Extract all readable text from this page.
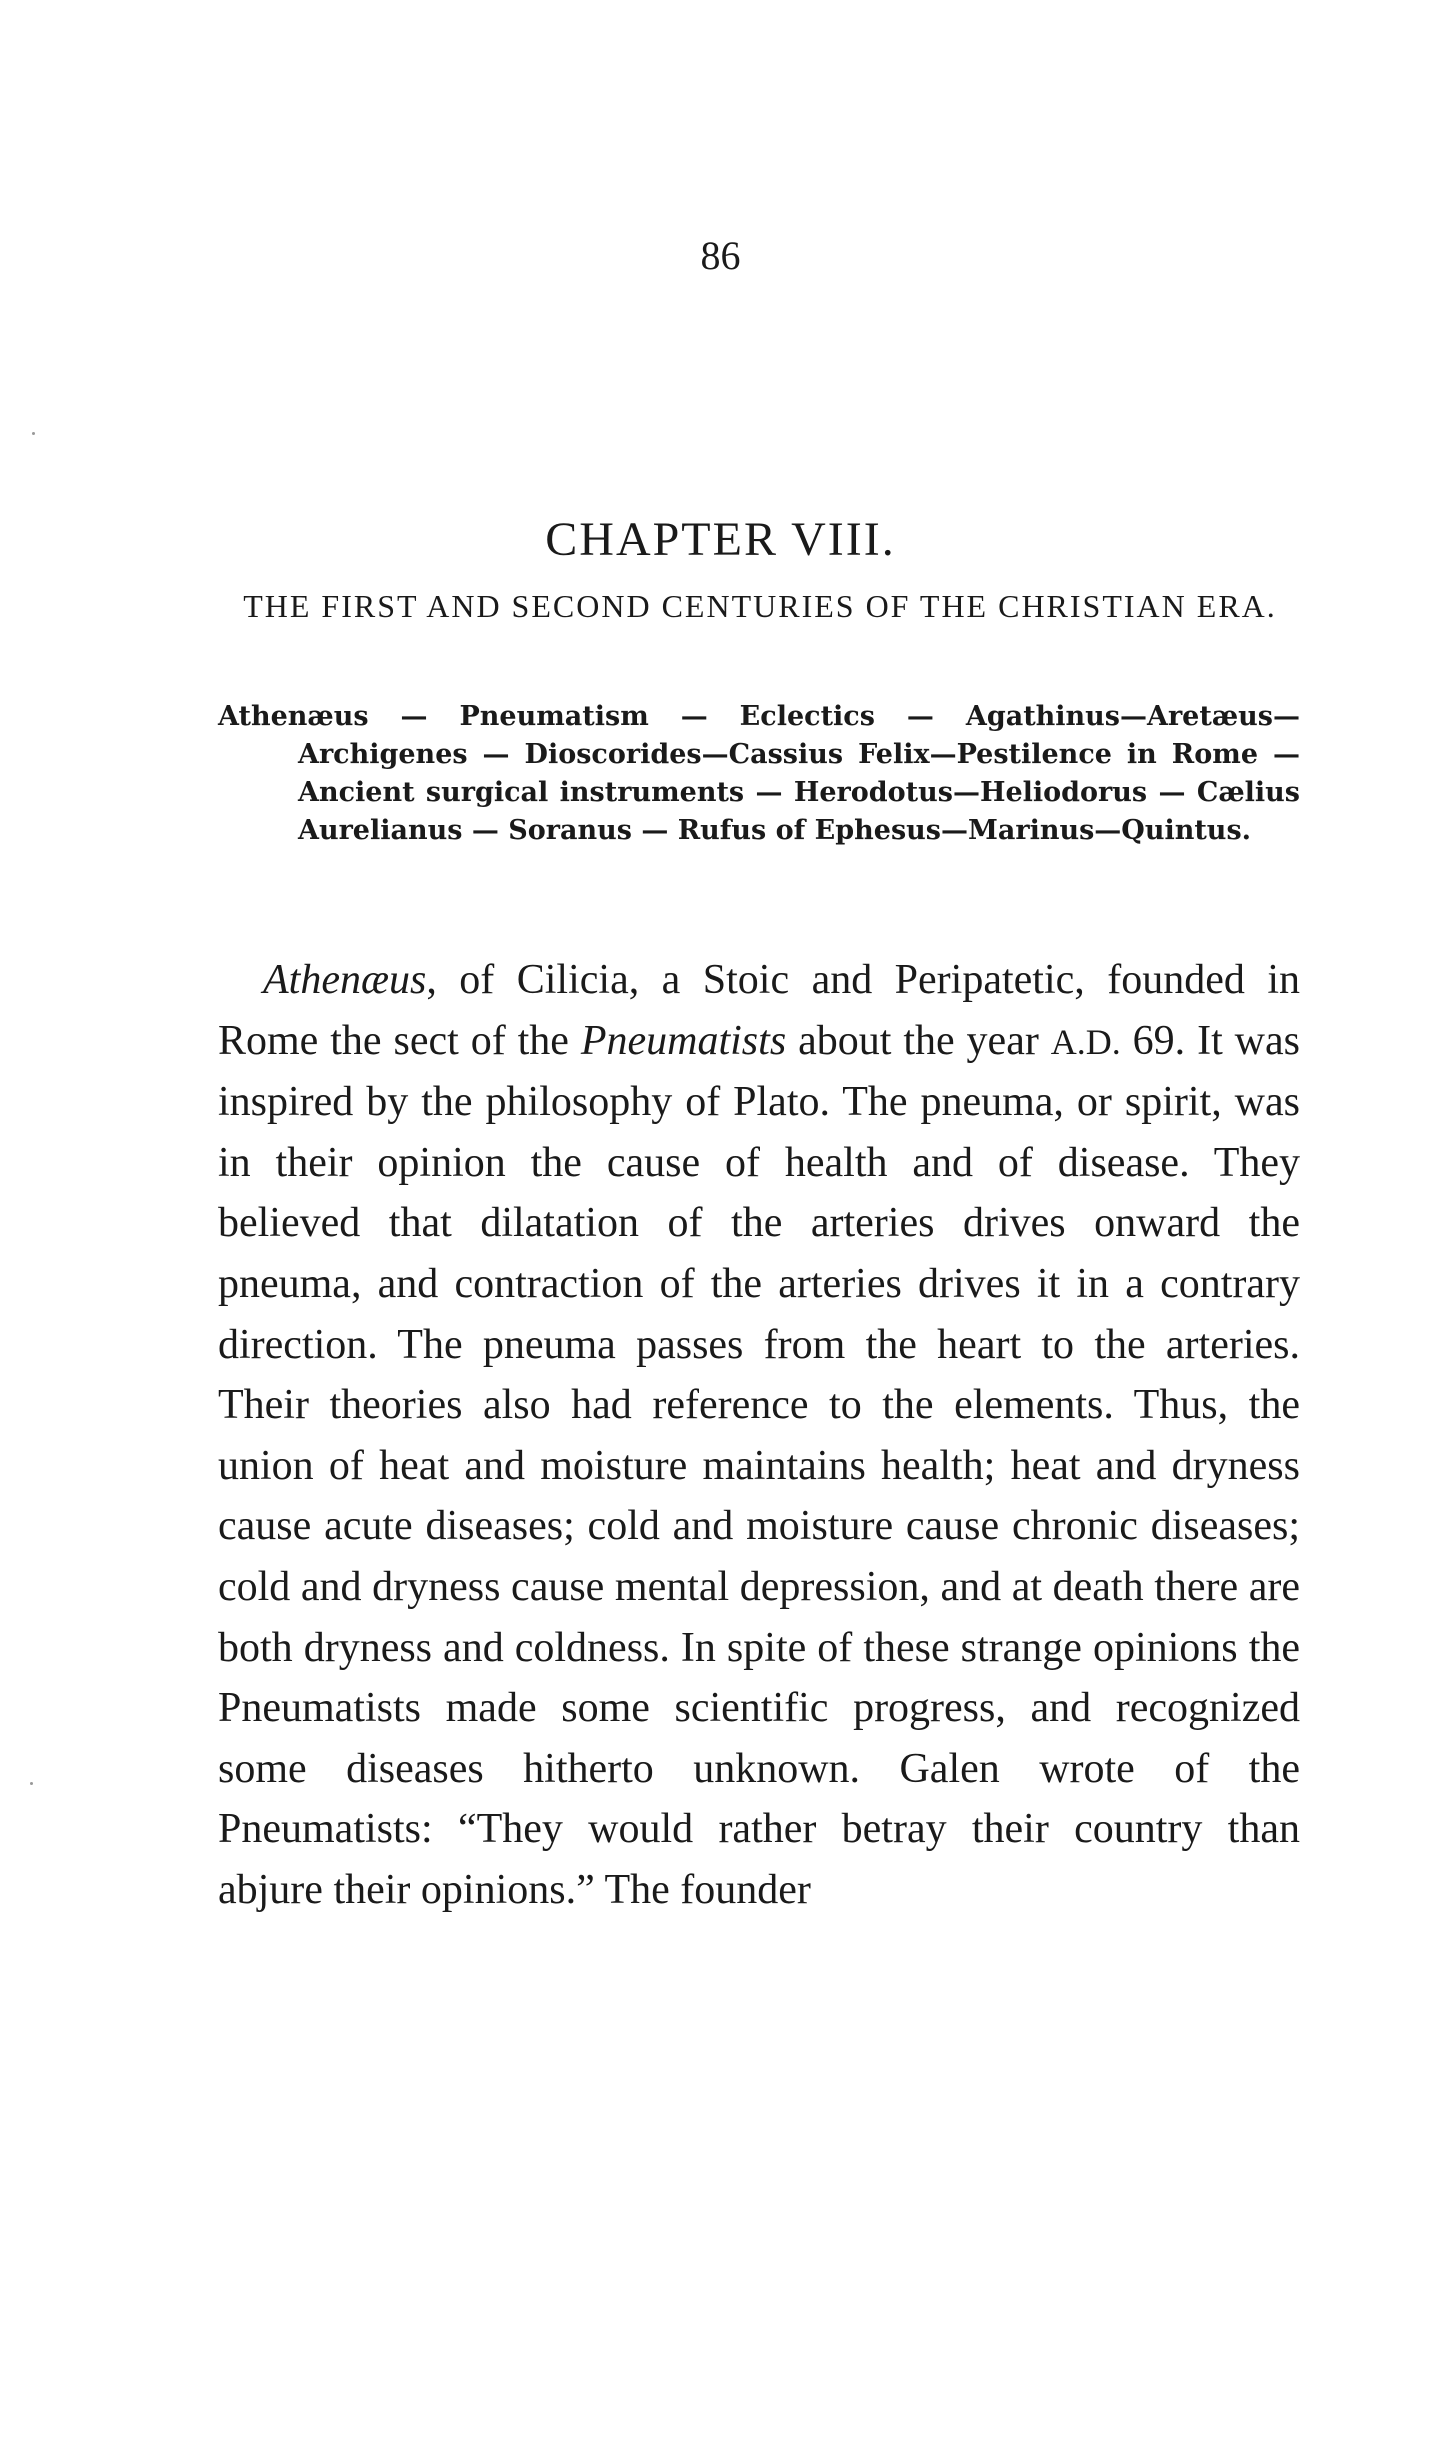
86
CHAPTER VIII.
THE FIRST AND SECOND CENTURIES OF THE CHRISTIAN ERA.
Athenæus — Pneumatism — Eclectics — Agathinus—Aretæus—Archigenes — Dioscorides—Cassius Felix—Pestilence in Rome — Ancient surgical instruments — Herodotus—Heliodorus — Cælius Aurelianus — Soranus — Rufus of Ephesus—Marinus—Quintus.

Athenæus, of Cilicia, a Stoic and Peripatetic, founded in Rome the sect of the Pneumatists about the year A.D. 69. It was inspired by the philosophy of Plato. The pneuma, or spirit, was in their opinion the cause of health and of disease. They believed that dilatation of the arteries drives onward the pneuma, and contraction of the arteries drives it in a contrary direction. The pneuma passes from the heart to the arteries. Their theories also had reference to the elements. Thus, the union of heat and moisture maintains health; heat and dryness cause acute diseases; cold and moisture cause chronic diseases; cold and dryness cause mental depression, and at death there are both dryness and coldness. In spite of these strange opinions the Pneumatists made some scientific progress, and recognized some diseases hitherto unknown. Galen wrote of the Pneumatists: “They would rather betray their country than abjure their opinions.” The founder
